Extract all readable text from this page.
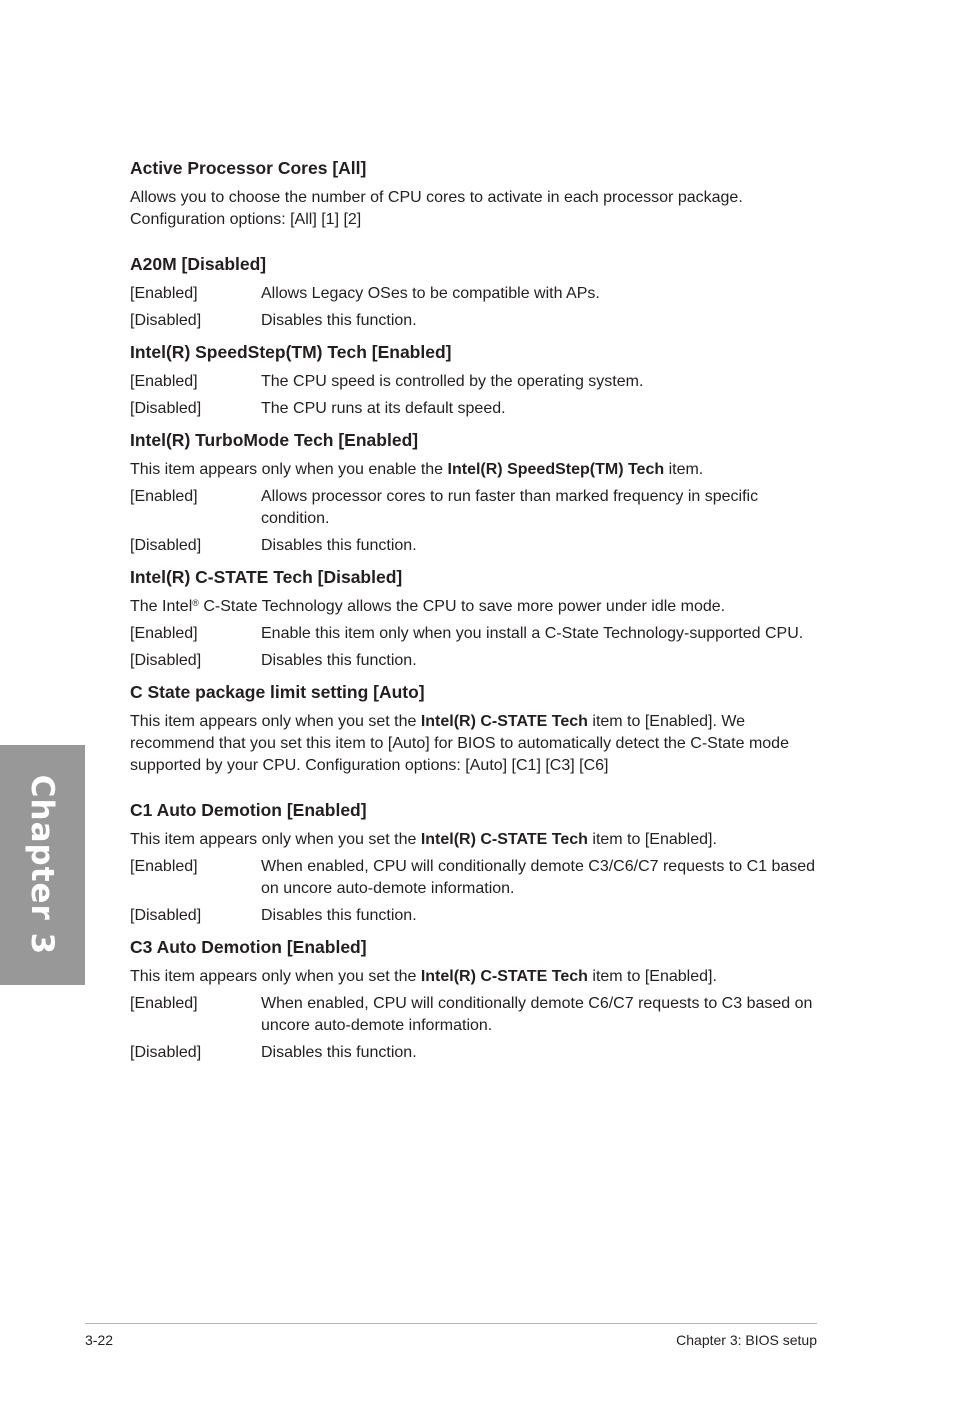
Active Processor Cores [All]
Allows you to choose the number of CPU cores to activate in each processor package.
Configuration options: [All] [1] [2]
A20M [Disabled]
[Enabled]	Allows Legacy OSes to be compatible with APs.
[Disabled]	Disables this function.
Intel(R) SpeedStep(TM) Tech [Enabled]
[Enabled]	The CPU speed is controlled by the operating system.
[Disabled]	The CPU runs at its default speed.
Intel(R) TurboMode Tech [Enabled]
This item appears only when you enable the Intel(R) SpeedStep(TM) Tech item.
[Enabled]	Allows processor cores to run faster than marked frequency in specific condition.
[Disabled]	Disables this function.
Intel(R) C-STATE Tech [Disabled]
The Intel® C-State Technology allows the CPU to save more power under idle mode.
[Enabled]	Enable this item only when you install a C-State Technology-supported CPU.
[Disabled]	Disables this function.
C State package limit setting [Auto]
This item appears only when you set the Intel(R) C-STATE Tech item to [Enabled]. We recommend that you set this item to [Auto] for BIOS to automatically detect the C-State mode supported by your CPU. Configuration options: [Auto] [C1] [C3] [C6]
C1 Auto Demotion [Enabled]
This item appears only when you set the Intel(R) C-STATE Tech item to [Enabled].
[Enabled]	When enabled, CPU will conditionally demote C3/C6/C7 requests to C1 based on uncore auto-demote information.
[Disabled]	Disables this function.
C3 Auto Demotion [Enabled]
This item appears only when you set the Intel(R) C-STATE Tech item to [Enabled].
[Enabled]	When enabled, CPU will conditionally demote C6/C7 requests to C3 based on uncore auto-demote information.
[Disabled]	Disables this function.
Chapter 3
3-22	Chapter 3: BIOS setup
